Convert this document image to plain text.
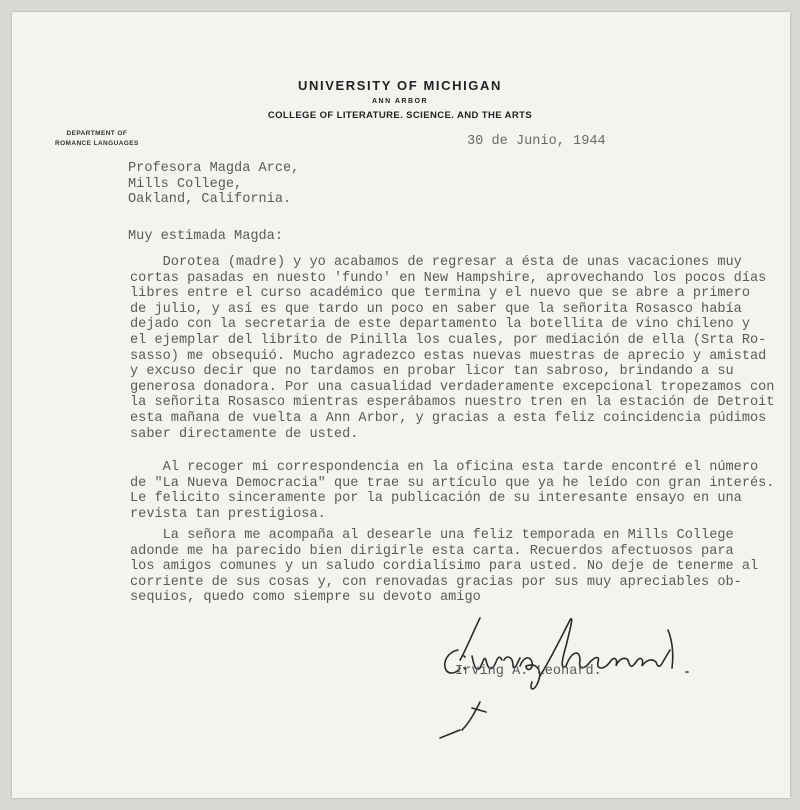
UNIVERSITY OF MICHIGAN
ANN ARBOR
COLLEGE OF LITERATURE. SCIENCE. AND THE ARTS
DEPARTMENT OF
ROMANCE LANGUAGES	30 de Junio, 1944
Profesora Magda Arce,
Mills College,
Oakland, California.
Muy estimada Magda:
Dorotea (madre) y yo acabamos de regresar a ésta de unas vacaciones muy
cortas pasadas en nuesto 'fundo' en New Hampshire, aprovechando los pocos días
libres entre el curso académico que termina y el nuevo que se abre a primero
de julio, y así es que tardo un poco en saber que la señorita Rosasco había
dejado con la secretaria de este departamento la botellita de vino chileno y
el ejemplar del librito de Pinilla los cuales, por mediación de ella (Srta Ro-
sasso) me obsequió. Mucho agradezco estas nuevas muestras de aprecio y amistad
y excuso decir que no tardamos en probar licor tan sabroso, brindando a su
generosa donadora. Por una casualidad verdaderamente excepcional tropezamos con
la señorita Rosasco mientras esperábamos nuestro tren en la estación de Detroit
esta mañana de vuelta a Ann Arbor, y gracias a esta feliz coincidencia púdimos
saber directamente de usted.
Al recoger mi correspondencia en la oficina esta tarde encontré el número
de "La Nueva Democracia" que trae su artículo que ya he leído con gran interés.
Le felicito sinceramente por la publicación de su interesante ensayo en una
revista tan prestigiosa.
La señora me acompaña al desearle una feliz temporada en Mills College
adonde me ha parecido bien dirigirle esta carta. Recuerdos afectuosos para
los amigos comunes y un saludo cordialísimo para usted. No deje de tenerme al
corriente de sus cosas y, con renovadas gracias por sus muy apreciables ob-
sequios, quedo como siempre su devoto amigo
Irving A. Leonard.
